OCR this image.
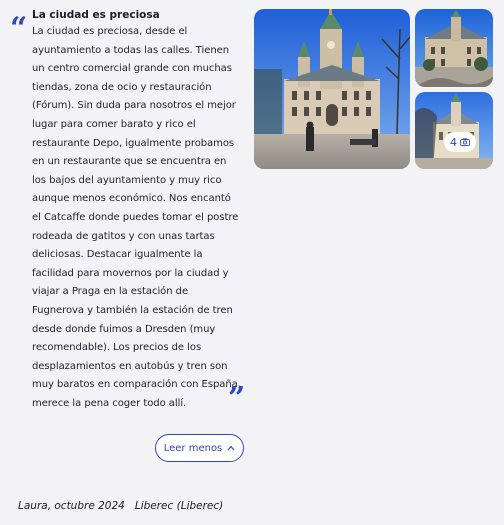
“ La ciudad es preciosa

La ciudad es preciosa, desde el ayuntamiento a todas las calles. Tienen un centro comercial grande con muchas tiendas, zona de ocio y restauración (Fórum). Sin duda para nosotros el mejor lugar para comer barato y rico el restaurante Depo, igualmente probamos en un restaurante que se encuentra en los bajos del ayuntamiento y muy rico aunque menos económico. Nos encantó el Catcaffe donde puedes tomar el postre rodeada de gatitos y con unas tartas deliciosas. Destacar igualmente la facilidad para movernos por la ciudad y viajar a Praga en la estación de Fugnerova y también la estación de tren desde donde fuimos a Dresden (muy recomendable). Los precios de los desplazamientos en autobús y tren son muy baratos en comparación con España, merece la pena coger todo allí.	”
Leer menos
Laura, octubre 2024 Liberec (Liberec)
4
